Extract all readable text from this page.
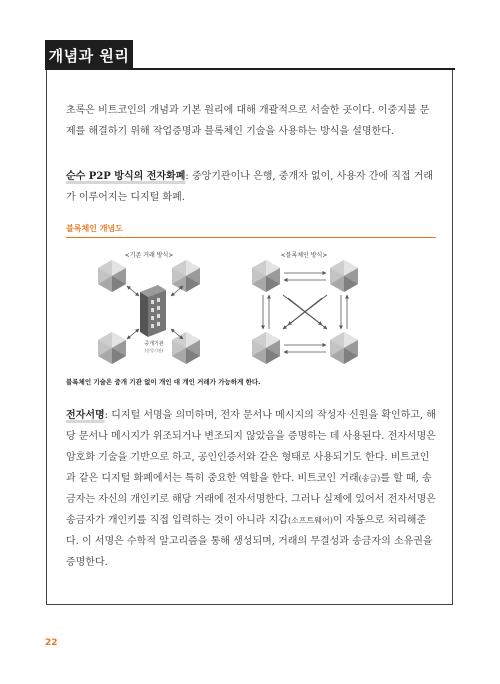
개념과 원리
초록은 비트코인의 개념과 기본 원리에 대해 개괄적으로 서술한 곳이다. 이중지불 문제를 해결하기 위해 작업증명과 블록체인 기술을 사용하는 방식을 설명한다.
순수 P2P 방식의 전자화폐: 중앙기관이나 은행, 중개자 없이, 사용자 간에 직접 거래가 이루어지는 디지털 화폐.
블록체인 개념도
<기존 거래 방식>
중개기관
(중앙기관)
<블록체인 방식>
블록체인 기술은 중개 기관 없이 개인 대 개인 거래가 가능하게 한다.
전자서명: 디지털 서명을 의미하며, 전자 문서나 메시지의 작성자 신원을 확인하고, 해당 문서나 메시지가 위조되거나 변조되지 않았음을 증명하는 데 사용된다. 전자서명은 암호화 기술을 기반으로 하고, 공인인증서와 같은 형태로 사용되기도 한다. 비트코인과 같은 디지털 화폐에서는 특히 중요한 역할을 한다. 비트코인 거래(송금)를 할 때, 송금자는 자신의 개인키로 해당 거래에 전자서명한다. 그러나 실제에 있어서 전자서명은 송금자가 개인키를 직접 입력하는 것이 아니라 지갑(소프트웨어)이 자동으로 처리해준다. 이 서명은 수학적 알고리즘을 통해 생성되며, 거래의 무결성과 송금자의 소유권을 증명한다.
22
